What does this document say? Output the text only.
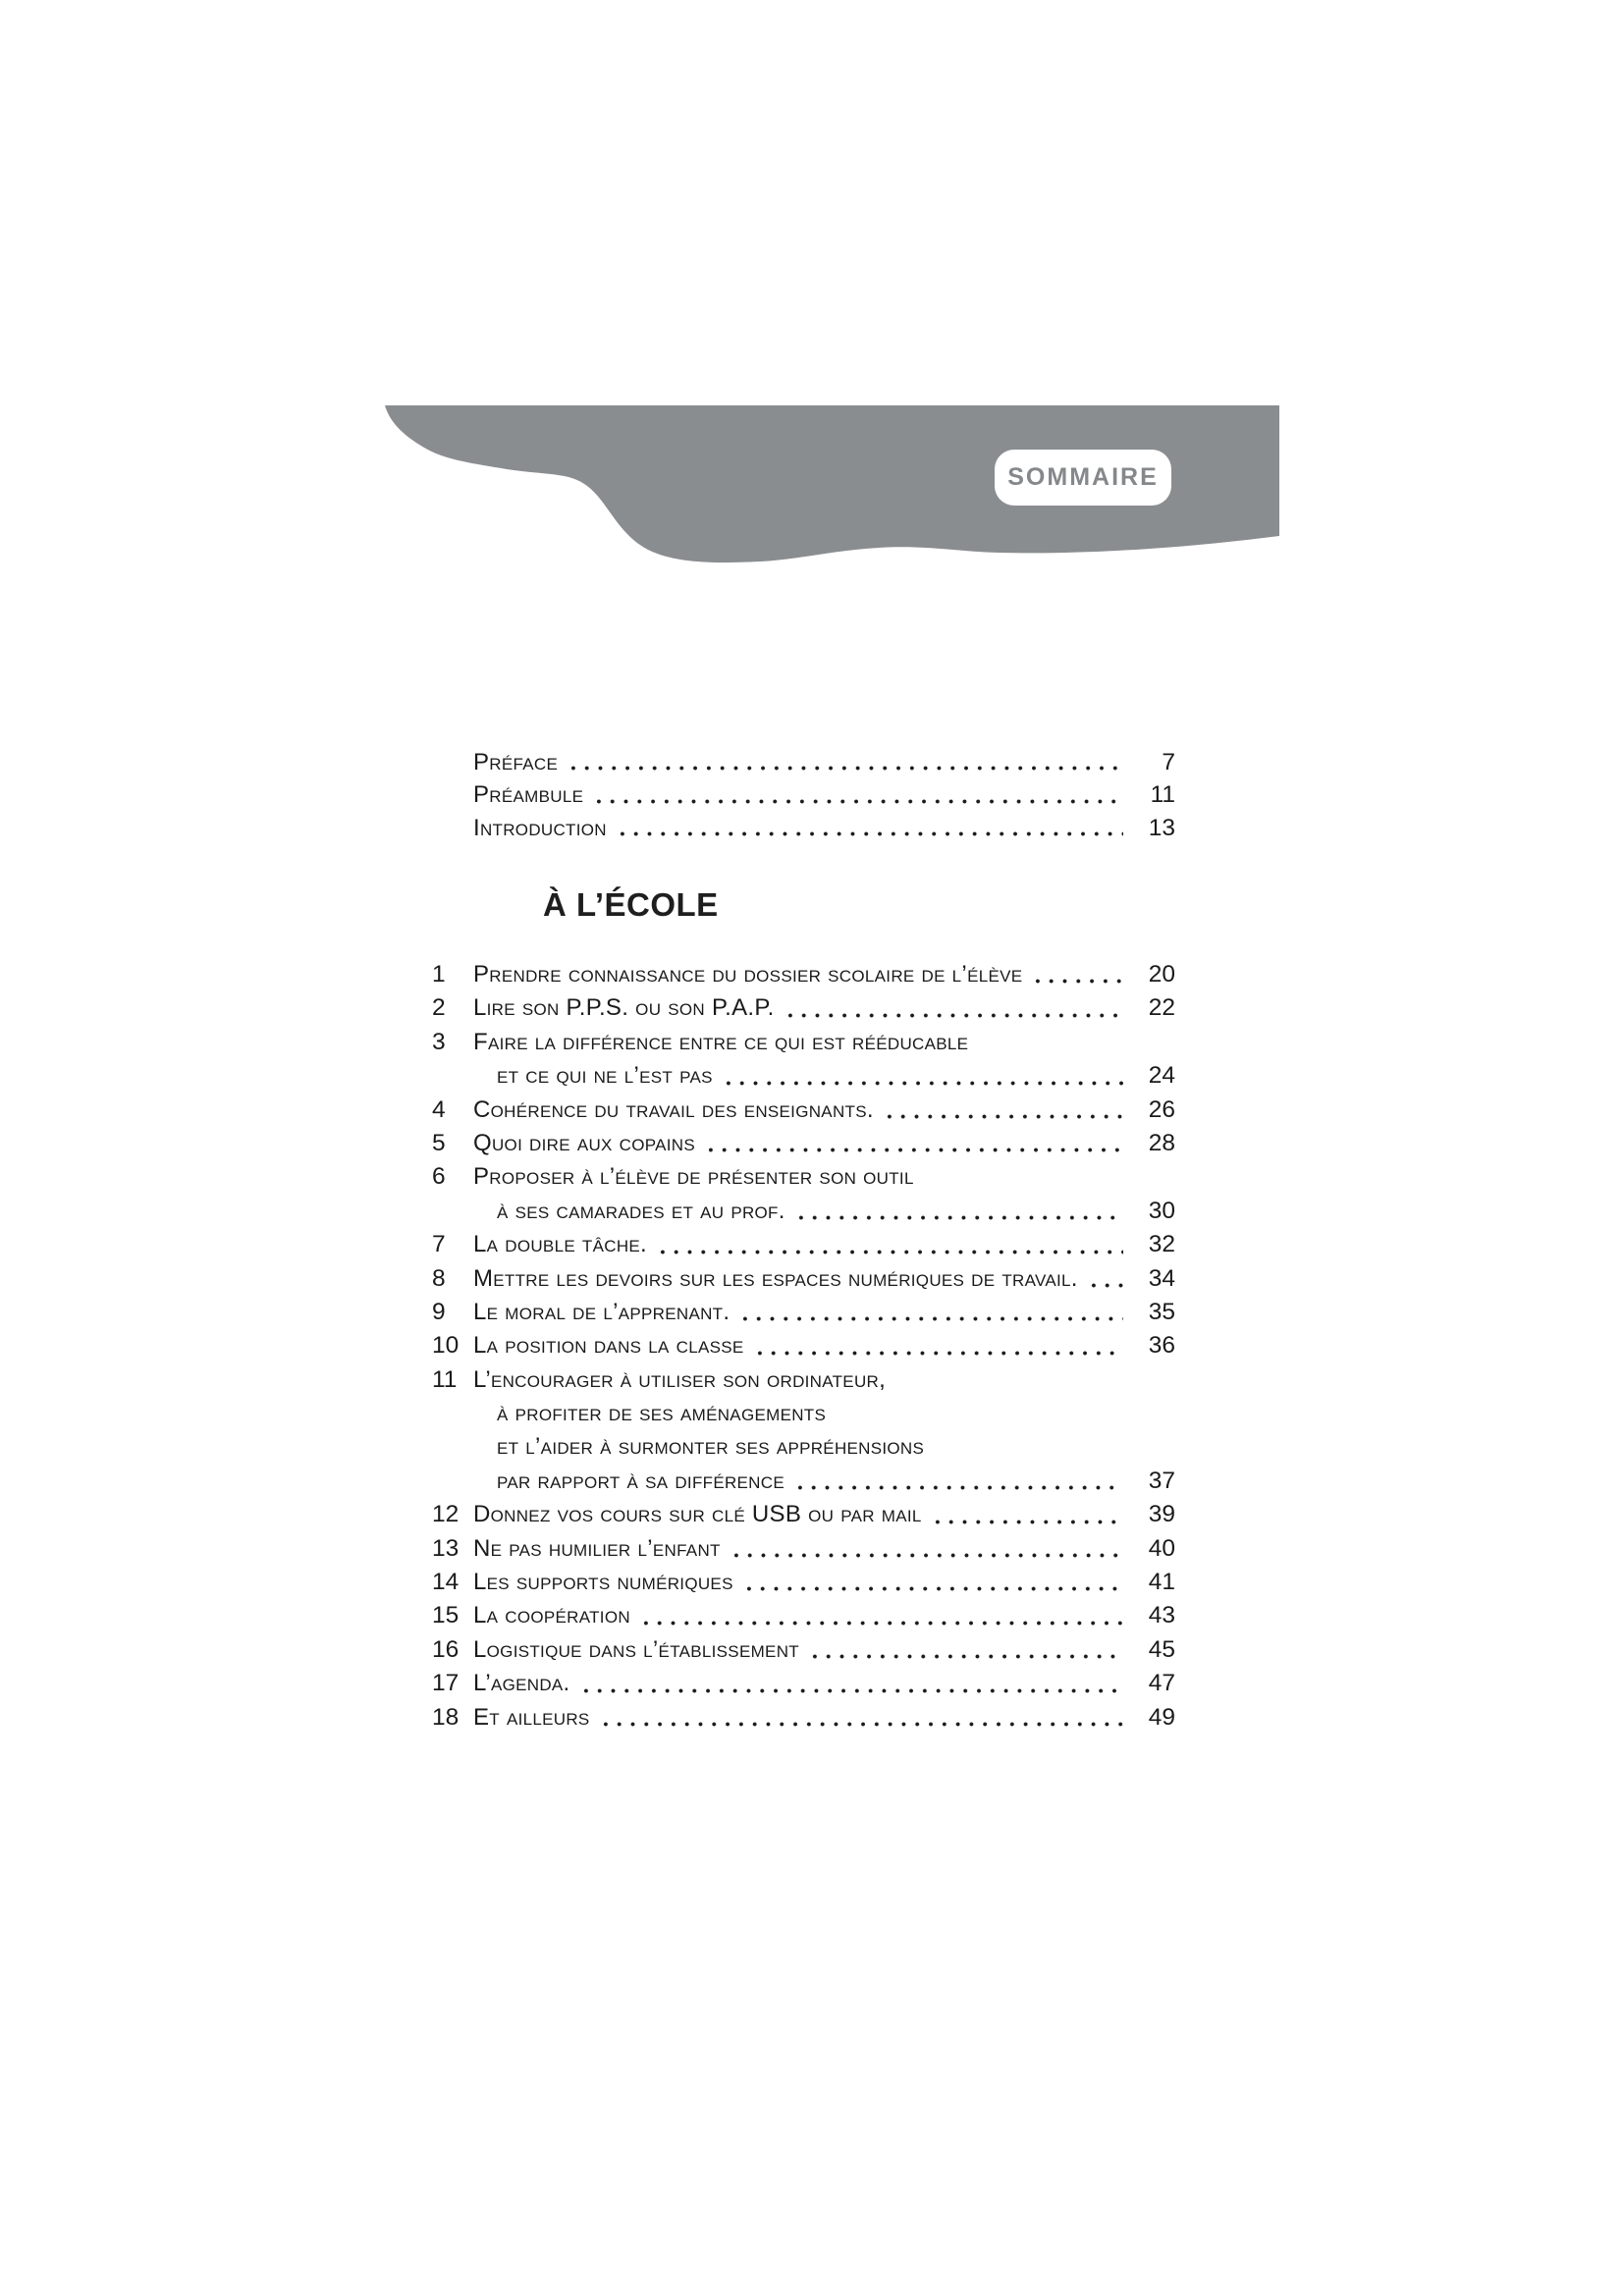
SOMMAIRE
Préface	7
Préambule	11
Introduction	13
À L’ÉCOLE
1	Prendre connaissance du dossier scolaire de l’élève	20
2	Lire son P.P.S. ou son P.A.P.	22
3	Faire la différence entre ce qui est rééducable
et ce qui ne l’est pas	24
4	Cohérence du travail des enseignants.	26
5	Quoi dire aux copains	28
6	Proposer à l’élève de présenter son outil
à ses camarades et au prof.	30
7	La double tâche.	32
8	Mettre les devoirs sur les espaces numériques de travail.	34
9	Le moral de l’apprenant.	35
10 La position dans la classe	36
11 L’encourager à utiliser son ordinateur,
à profiter de ses aménagements
et l’aider à surmonter ses appréhensions
par rapport à sa différence	37
12 Donnez vos cours sur clé USB ou par mail	39
13 Ne pas humilier l’enfant	40
14 Les supports numériques	41
15 La coopération	43
16 Logistique dans l’établissement	45
17 L’agenda.	47
18 Et ailleurs	49
